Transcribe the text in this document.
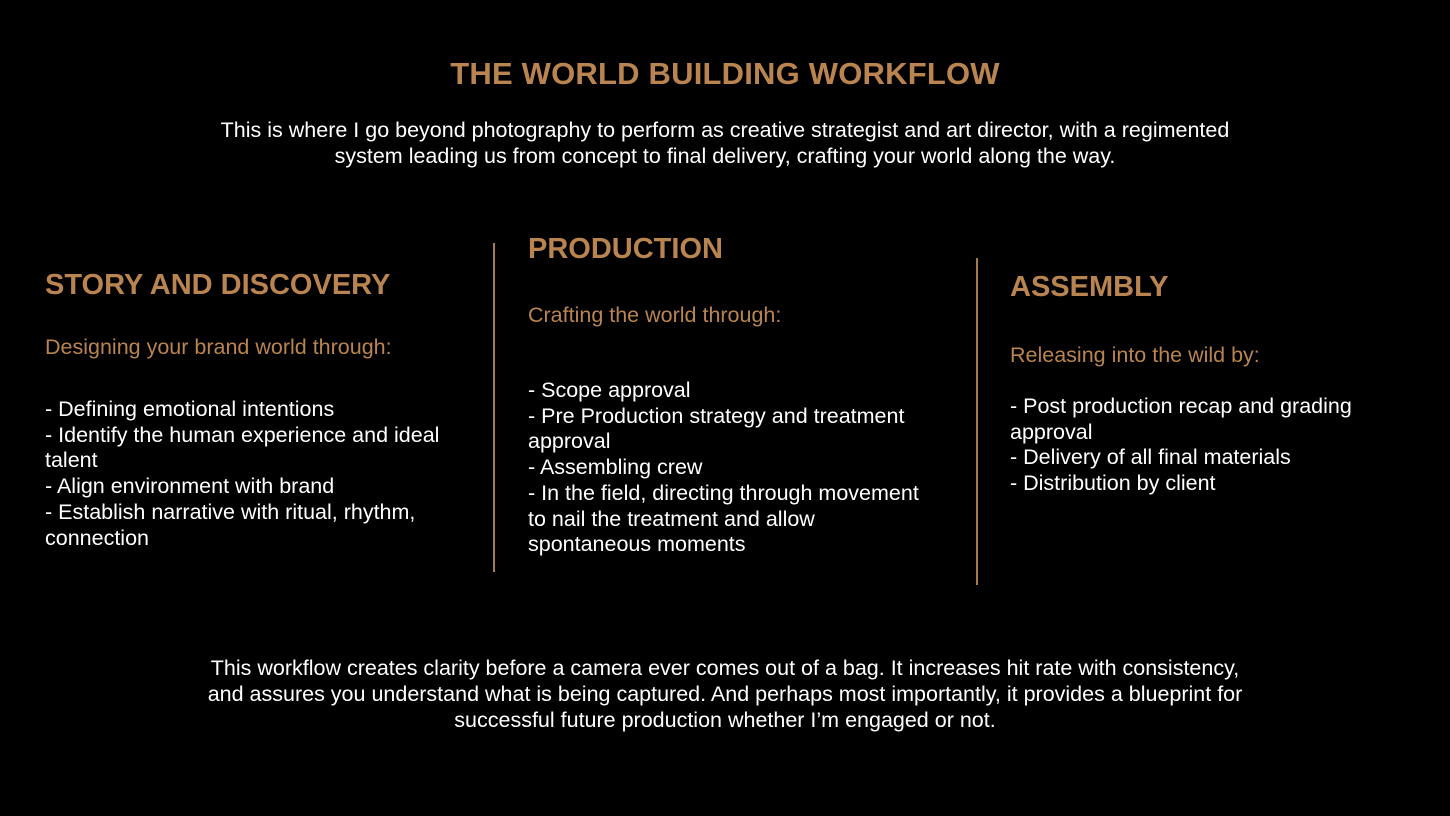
THE WORLD BUILDING WORKFLOW

This is where I go beyond photography to perform as creative strategist and art director, with a regimented system leading us from concept to final delivery, crafting your world along the way.

STORY AND DISCOVERY

Designing your brand world through:

- Defining emotional intentions
- Identify the human experience and ideal talent
- Align environment with brand
- Establish narrative with ritual, rhythm, connection
PRODUCTION

Crafting the world through:

- Scope approval
- Pre Production strategy and treatment approval
- Assembling crew
- In the field, directing through movement to nail the treatment and allow spontaneous moments
ASSEMBLY

Releasing into the wild by:

- Post production recap and grading approval
- Delivery of all final materials
- Distribution by client

This workflow creates clarity before a camera ever comes out of a bag. It increases hit rate with consistency, and assures you understand what is being captured. And perhaps most importantly, it provides a blueprint for successful future production whether I’m engaged or not.
